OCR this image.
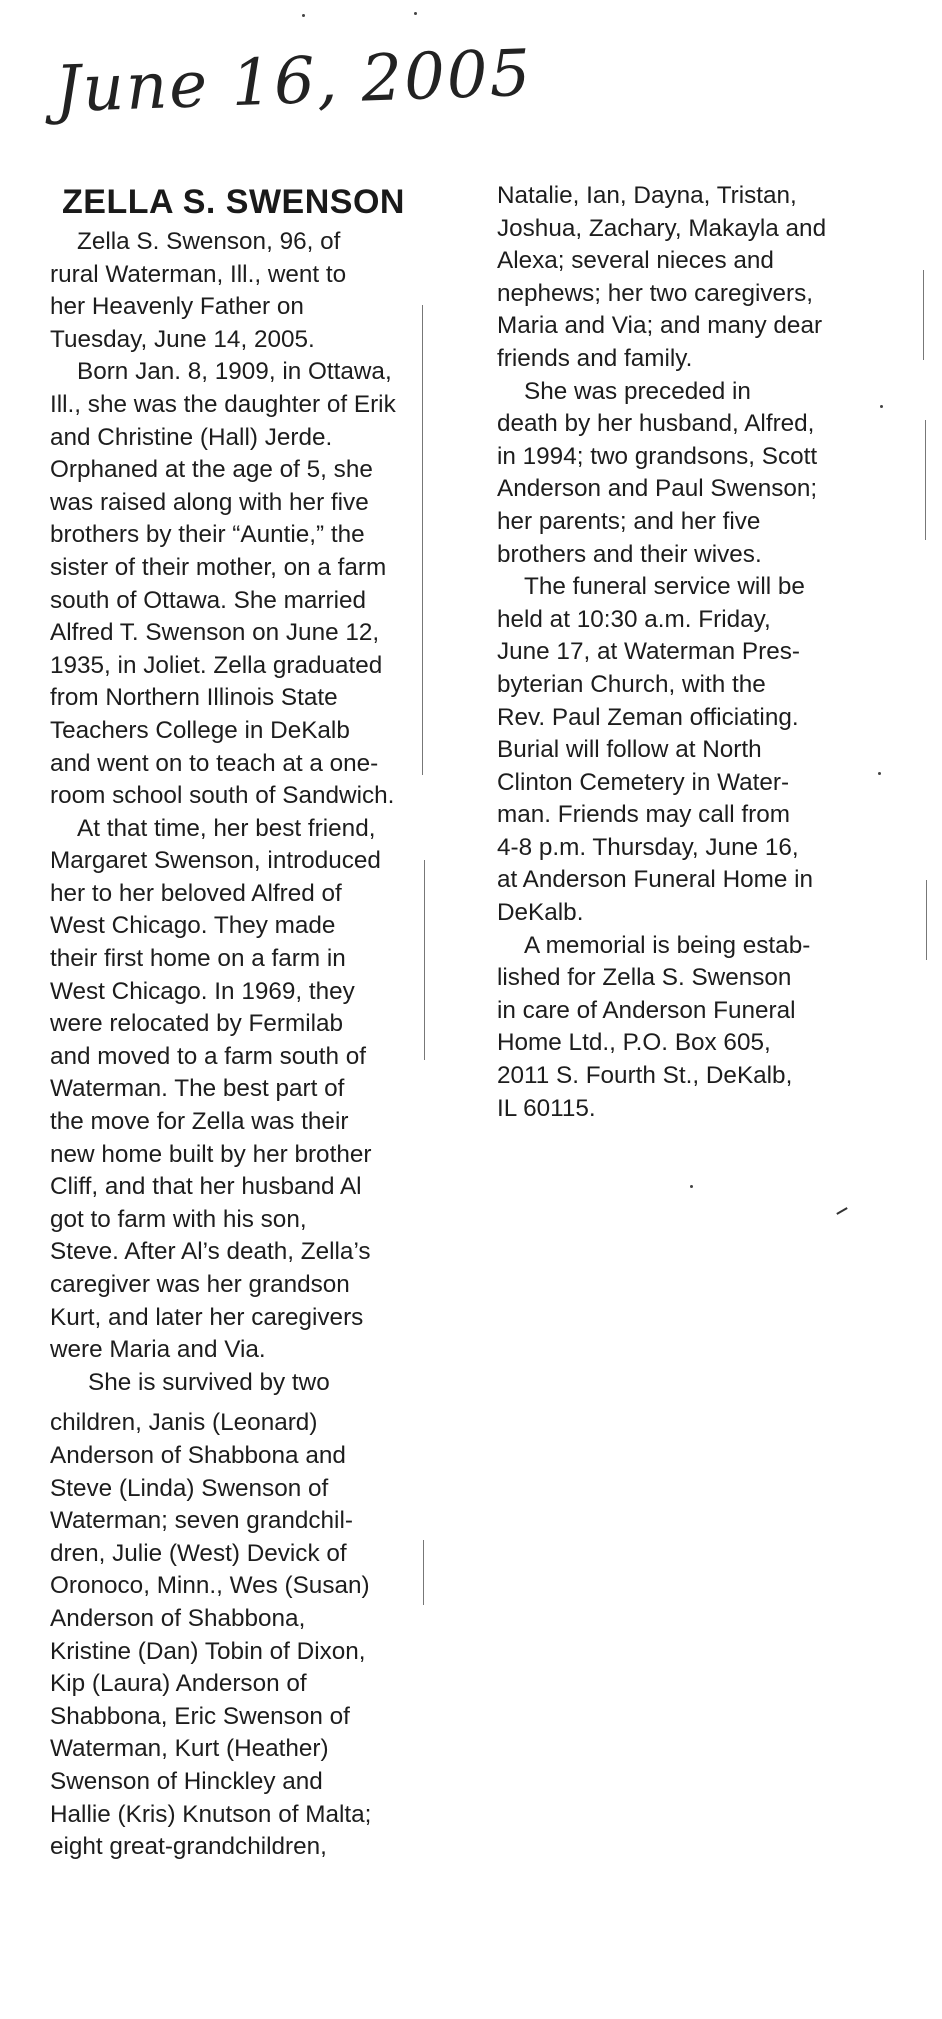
June 16, 2005
ZELLA S. SWENSON
Zella S. Swenson, 96, of
rural Waterman, Ill., went to
her Heavenly Father on
Tuesday, June 14, 2005.
Born Jan. 8, 1909, in Ottawa,
Ill., she was the daughter of Erik
and Christine (Hall) Jerde.
Orphaned at the age of 5, she
was raised along with her five
brothers by their “Auntie,” the
sister of their mother, on a farm
south of Ottawa. She married
Alfred T. Swenson on June 12,
1935, in Joliet. Zella graduated
from Northern Illinois State
Teachers College in DeKalb
and went on to teach at a one-
room school south of Sandwich.
At that time, her best friend,
Margaret Swenson, introduced
her to her beloved Alfred of
West Chicago. They made
their first home on a farm in
West Chicago. In 1969, they
were relocated by Fermilab
and moved to a farm south of
Waterman. The best part of
the move for Zella was their
new home built by her brother
Cliff, and that her husband Al
got to farm with his son,
Steve. After Al’s death, Zella’s
caregiver was her grandson
Kurt, and later her caregivers
were Maria and Via.
She is survived by two
children, Janis (Leonard)
Anderson of Shabbona and
Steve (Linda) Swenson of
Waterman; seven grandchil-
dren, Julie (West) Devick of
Oronoco, Minn., Wes (Susan)
Anderson of Shabbona,
Kristine (Dan) Tobin of Dixon,
Kip (Laura) Anderson of
Shabbona, Eric Swenson of
Waterman, Kurt (Heather)
Swenson of Hinckley and
Hallie (Kris) Knutson of Malta;
eight great-grandchildren,
Natalie, Ian, Dayna, Tristan,
Joshua, Zachary, Makayla and
Alexa; several nieces and
nephews; her two caregivers,
Maria and Via; and many dear
friends and family.
She was preceded in
death by her husband, Alfred,
in 1994; two grandsons, Scott
Anderson and Paul Swenson;
her parents; and her five
brothers and their wives.
The funeral service will be
held at 10:30 a.m. Friday,
June 17, at Waterman Pres-
byterian Church, with the
Rev. Paul Zeman officiating.
Burial will follow at North
Clinton Cemetery in Water-
man. Friends may call from
4-8 p.m. Thursday, June 16,
at Anderson Funeral Home in
DeKalb.
A memorial is being estab-
lished for Zella S. Swenson
in care of Anderson Funeral
Home Ltd., P.O. Box 605,
2011 S. Fourth St., DeKalb,
IL 60115.
